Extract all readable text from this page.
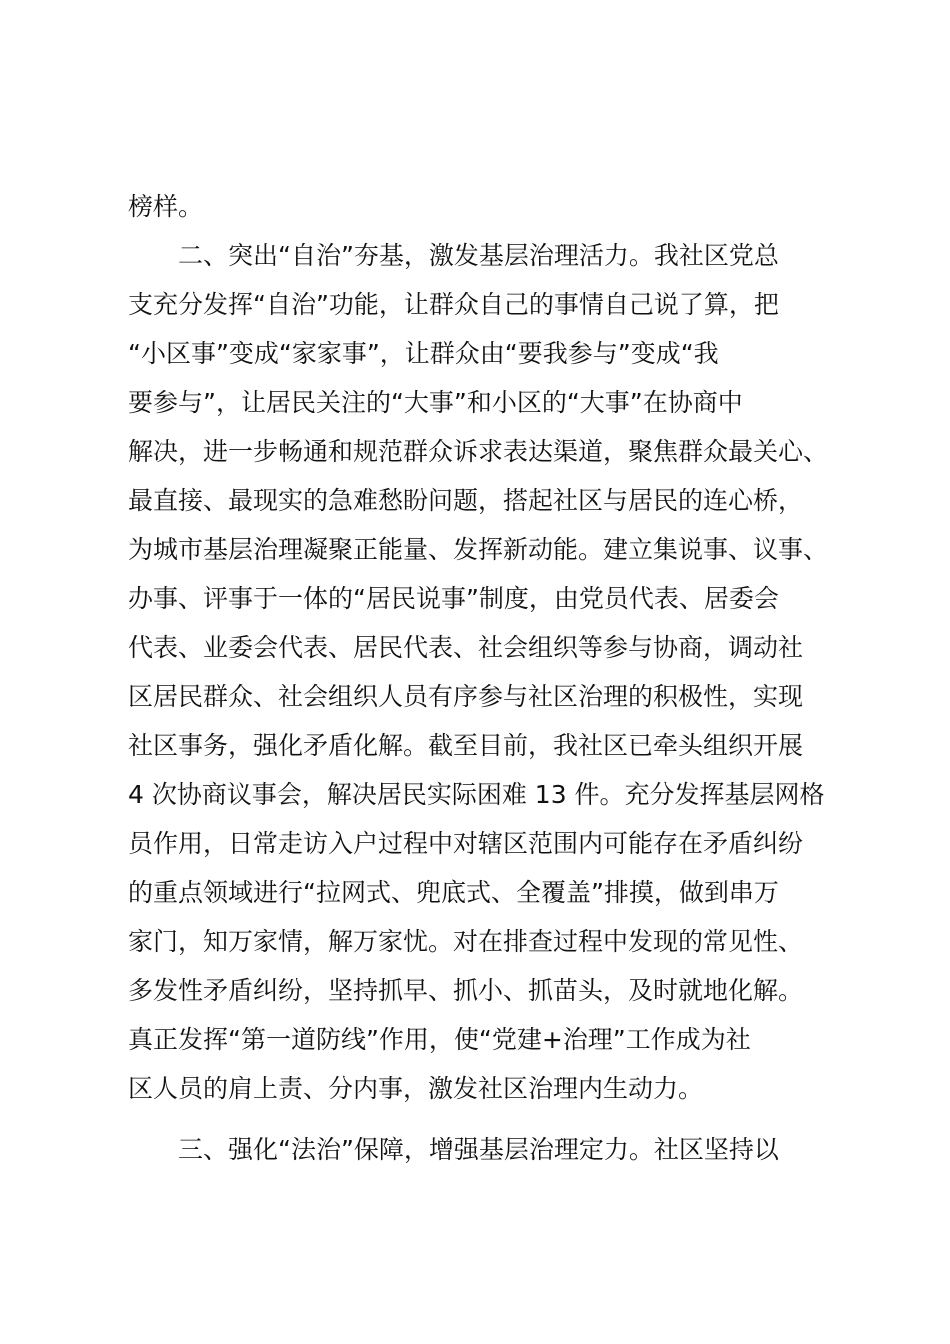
榜样。
二、突出“自治”夯基，激发基层治理活力。我社区党总
支充分发挥“自治”功能，让群众自己的事情自己说了算，把
“小区事”变成“家家事”，让群众由“要我参与”变成“我
要参与”，让居民关注的“大事”和小区的“大事”在协商中
解决，进一步畅通和规范群众诉求表达渠道，聚焦群众最关心、
最直接、最现实的急难愁盼问题，搭起社区与居民的连心桥，
为城市基层治理凝聚正能量、发挥新动能。建立集说事、议事、
办事、评事于一体的“居民说事”制度，由党员代表、居委会
代表、业委会代表、居民代表、社会组织等参与协商，调动社
区居民群众、社会组织人员有序参与社区治理的积极性，实现
社区事务，强化矛盾化解。截至目前，我社区已牵头组织开展
4 次协商议事会，解决居民实际困难 13 件。充分发挥基层网格
员作用，日常走访入户过程中对辖区范围内可能存在矛盾纠纷
的重点领域进行“拉网式、兜底式、全覆盖”排摸，做到串万
家门，知万家情，解万家忧。对在排查过程中发现的常见性、
多发性矛盾纠纷，坚持抓早、抓小、抓苗头，及时就地化解。
真正发挥“第一道防线”作用，使“党建+治理”工作成为社
区人员的肩上责、分内事，激发社区治理内生动力。
三、强化“法治”保障，增强基层治理定力。社区坚持以
